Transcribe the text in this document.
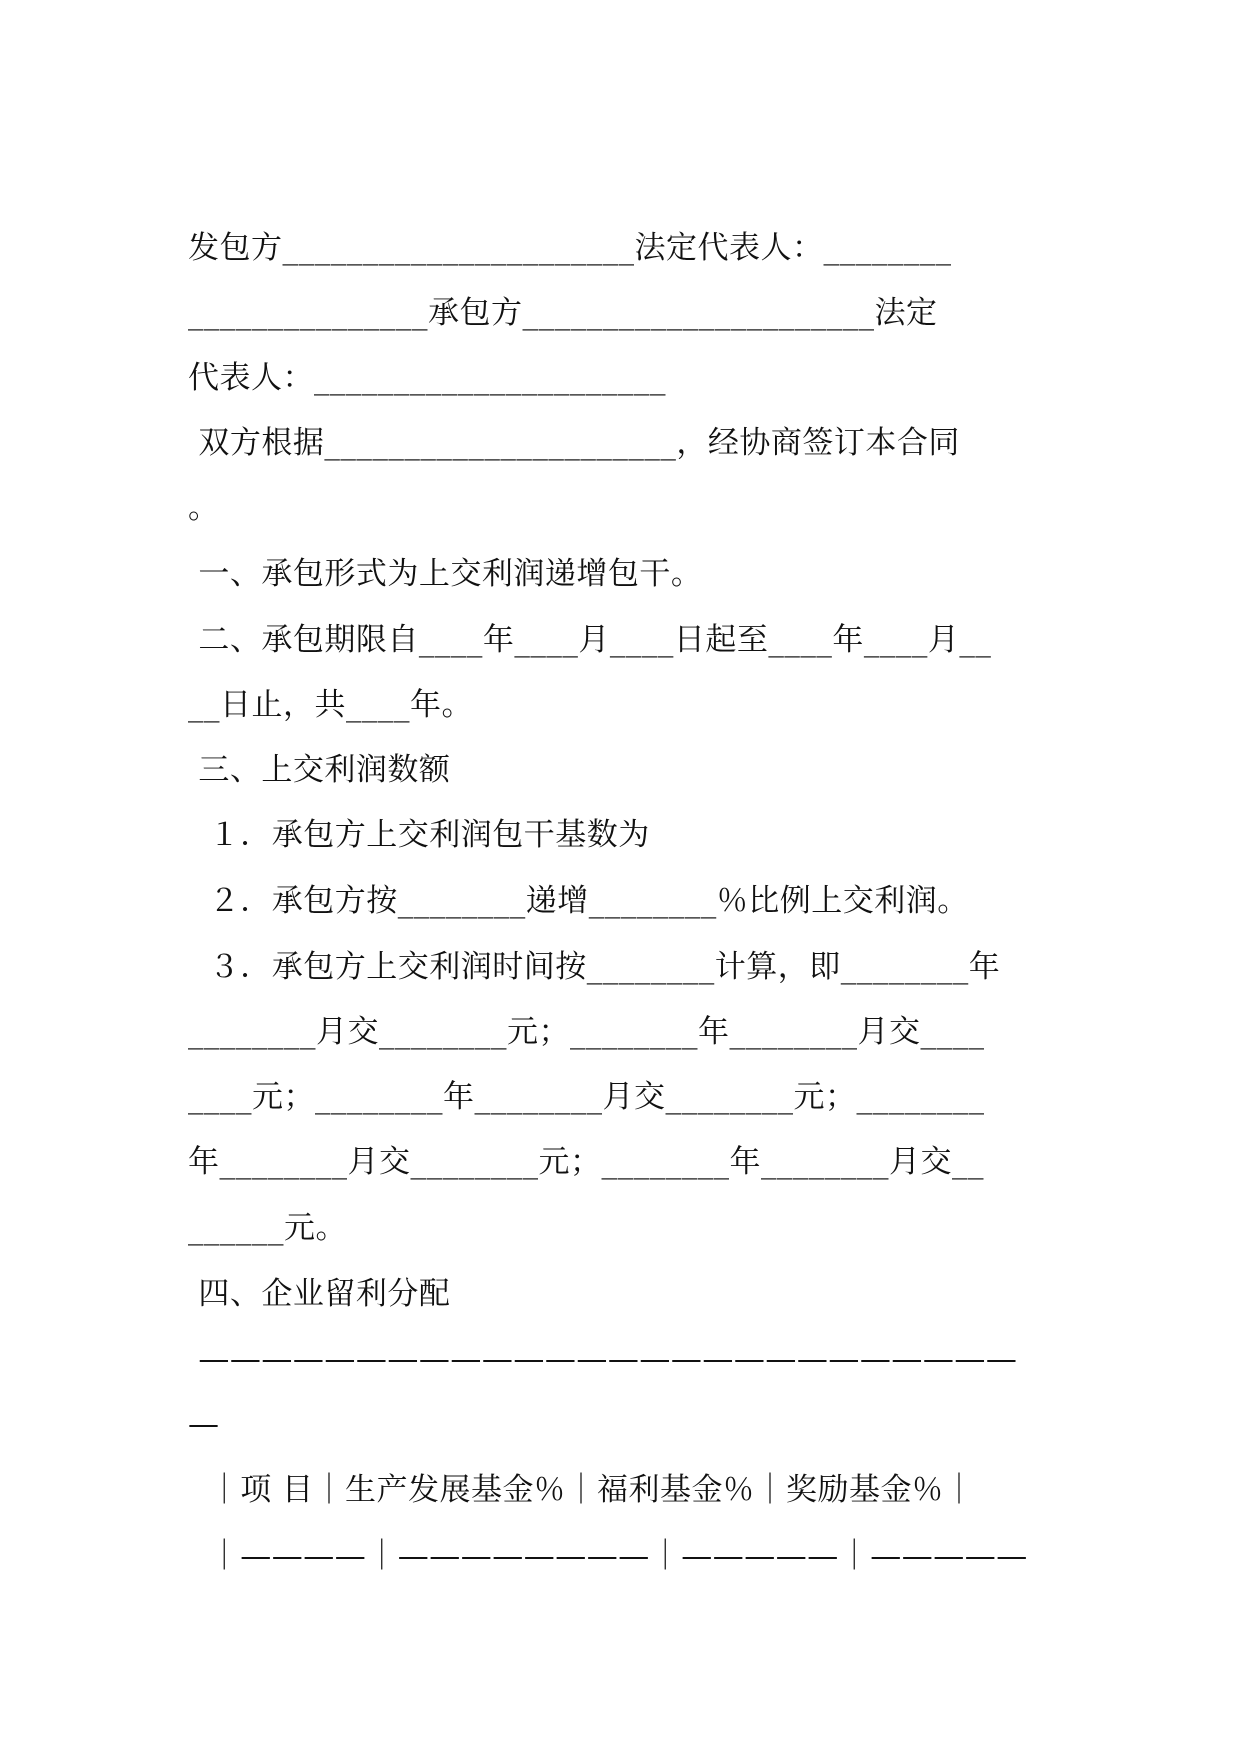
发包方______________________法定代表人：________
_______________承包方______________________法定
代表人：______________________
双方根据______________________，经协商签订本合同
。
一、承包形式为上交利润递增包干。
二、承包期限自____年____月____日起至____年____月__
__日止，共____年。
三、上交利润数额
１．承包方上交利润包干基数为
２．承包方按________递增________％比例上交利润。
３．承包方上交利润时间按________计算，即________年
________月交________元；________年________月交____
____元；________年________月交________元；________
年________月交________元；________年________月交__
______元。
四、企业留利分配
——————————————————————————
—
｜项 目｜生产发展基金％｜福利基金％｜奖励基金％｜
｜————｜————————｜—————｜—————
